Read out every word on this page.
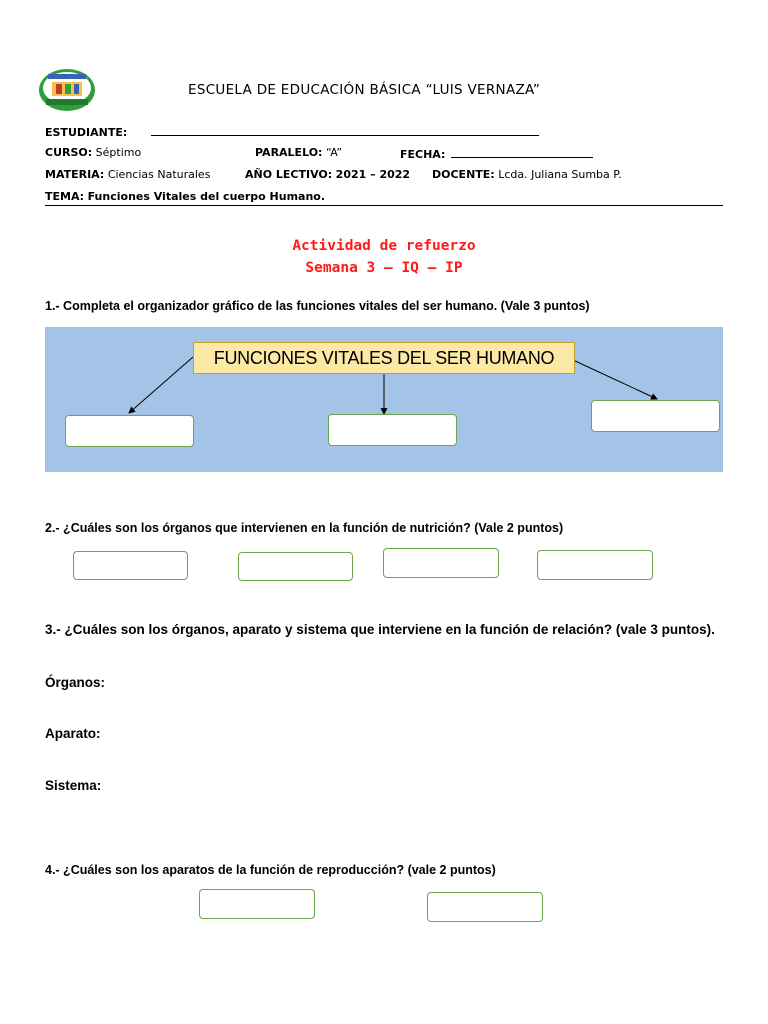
ESCUELA DE EDUCACIÓN BÁSICA “LUIS VERNAZA”
ESTUDIANTE:
CURSO: Séptimo	PARALELO: “A”	FECHA:
MATERIA: Ciencias Naturales	AÑO LECTIVO: 2021 – 2022 DOCENTE: Lcda. Juliana Sumba P.
TEMA: Funciones Vitales del cuerpo Humano.
Actividad de refuerzo
Semana 3 – IQ – IP
1.- Completa el organizador gráfico de las funciones vitales del ser humano. (Vale 3 puntos)
FUNCIONES VITALES DEL SER HUMANO
2.- ¿Cuáles son los órganos que intervienen en la función de nutrición? (Vale 2 puntos)
3.- ¿Cuáles son los órganos, aparato y sistema que interviene en la función de relación? (vale 3 puntos).
Órganos:
Aparato:
Sistema:
4.- ¿Cuáles son los aparatos de la función de reproducción? (vale 2 puntos)
